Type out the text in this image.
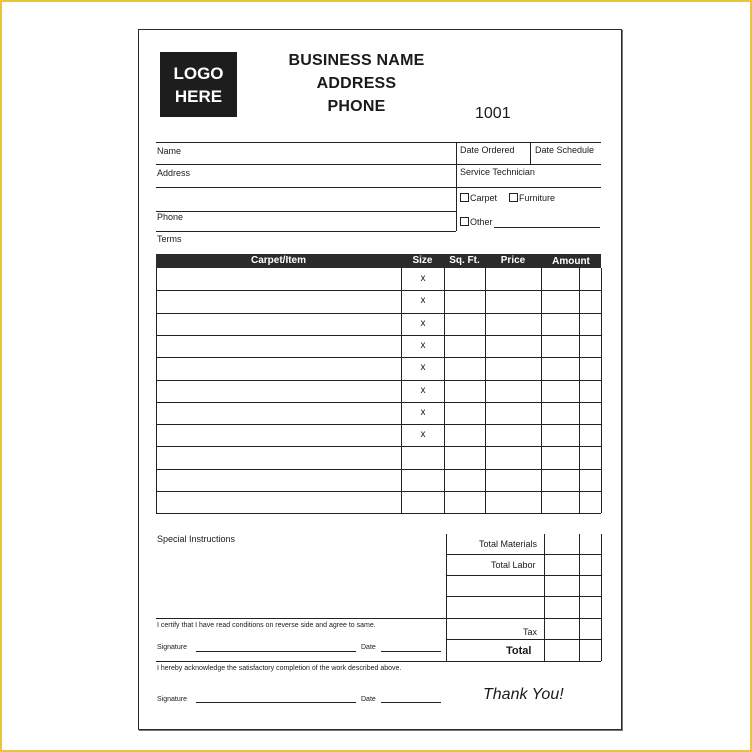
LOGO
HERE
BUSINESS NAME
ADDRESS
PHONE	1001
Name
Address
Phone
Terms
Date Ordered Date Schedule
Service Technician
Carpet	Furniture
Other
Carpet/Item	Size	Sq. Ft.	Price	Amount
x
x
x
x
x
x
x
x
Special Instructions	Total Materials
Total Labor
Tax
Total
I certify that I have read conditions on reverse side and agree to same.
Signature	Date
I hereby acknowledge the satisfactory completion of the work described above.
Signature	Date	Thank You!
